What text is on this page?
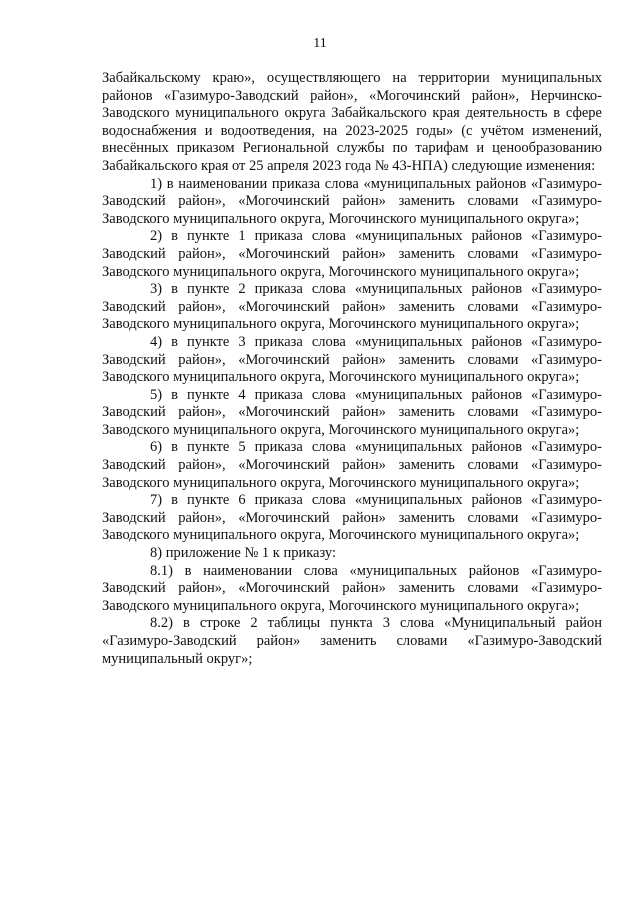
11

Забайкальскому краю», осуществляющего на территории муниципальных районов «Газимуро-Заводский район», «Могочинский район», Нерчинско-Заводского муниципального округа Забайкальского края деятельность в сфере водоснабжения и водоотведения, на 2023-2025 годы» (с учётом изменений, внесённых приказом Региональной службы по тарифам и ценообразованию Забайкальского края от 25 апреля 2023 года № 43-НПА) следующие изменения:

1) в наименовании приказа слова «муниципальных районов «Газимуро-Заводский район», «Могочинский район» заменить словами «Газимуро-Заводского муниципального округа, Могочинского муниципального округа»;

2) в пункте 1 приказа слова «муниципальных районов «Газимуро-Заводский район», «Могочинский район» заменить словами «Газимуро-Заводского муниципального округа, Могочинского муниципального округа»;

3) в пункте 2 приказа слова «муниципальных районов «Газимуро-Заводский район», «Могочинский район» заменить словами «Газимуро-Заводского муниципального округа, Могочинского муниципального округа»;

4) в пункте 3 приказа слова «муниципальных районов «Газимуро-Заводский район», «Могочинский район» заменить словами «Газимуро-Заводского муниципального округа, Могочинского муниципального округа»;

5) в пункте 4 приказа слова «муниципальных районов «Газимуро-Заводский район», «Могочинский район» заменить словами «Газимуро-Заводского муниципального округа, Могочинского муниципального округа»;

6) в пункте 5 приказа слова «муниципальных районов «Газимуро-Заводский район», «Могочинский район» заменить словами «Газимуро-Заводского муниципального округа, Могочинского муниципального округа»;

7) в пункте 6 приказа слова «муниципальных районов «Газимуро-Заводский район», «Могочинский район» заменить словами «Газимуро-Заводского муниципального округа, Могочинского муниципального округа»;

8) приложение № 1 к приказу:

8.1) в наименовании слова «муниципальных районов «Газимуро-Заводский район», «Могочинский район» заменить словами «Газимуро-Заводского муниципального округа, Могочинского муниципального округа»;

8.2) в строке 2 таблицы пункта 3 слова «Муниципальный район «Газимуро-Заводский район» заменить словами «Газимуро-Заводский муниципальный округ»;
